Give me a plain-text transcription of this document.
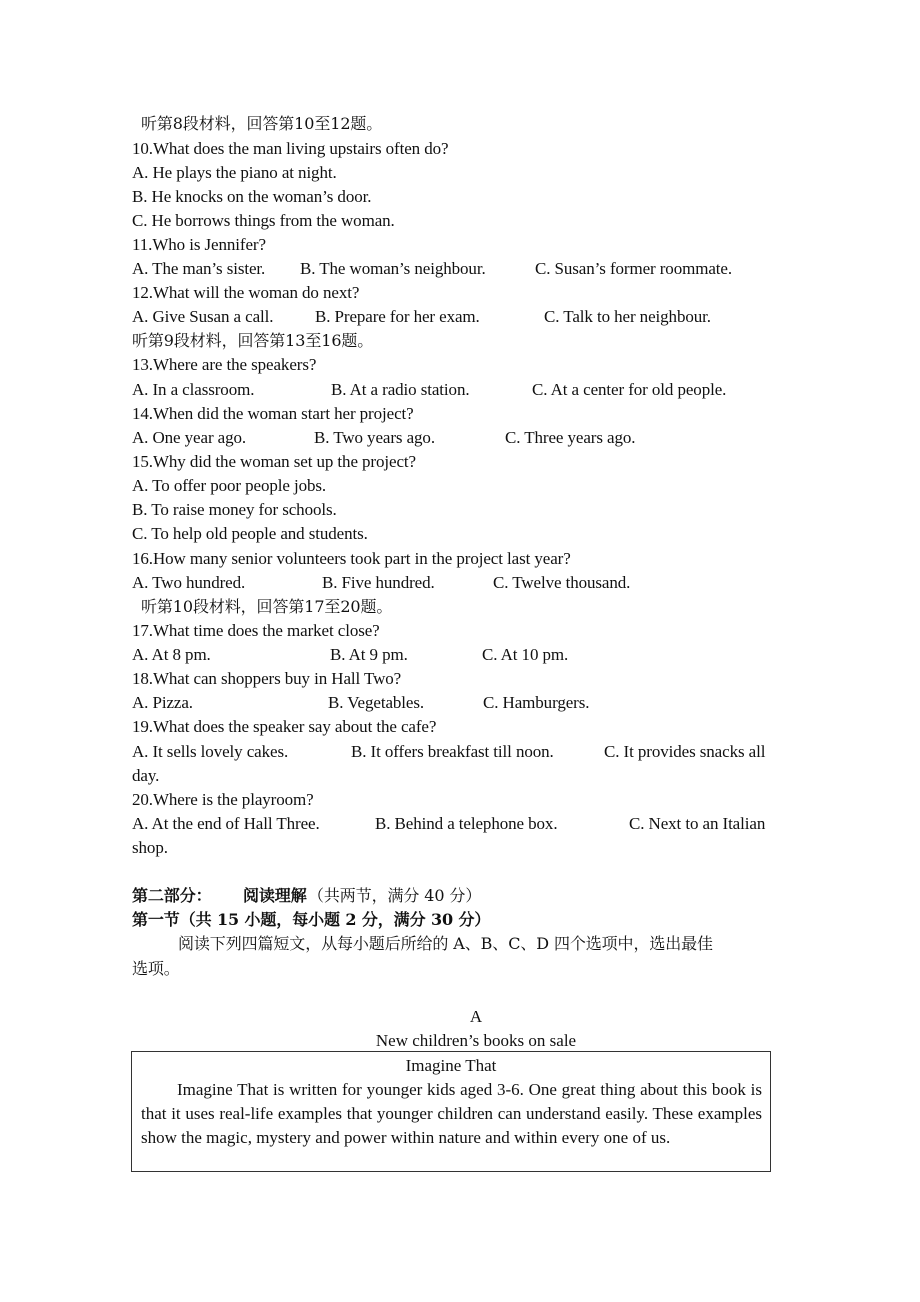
听第8段材料，回答第10至12题。
10.What does the man living upstairs often do?
A. He plays the piano at night.
B. He knocks on the woman’s door.
C. He borrows things from the woman.
11.Who is Jennifer?
A. The man’s sister. B. The woman’s neighbour.	C. Susan’s former roommate.
12.What will the woman do next?
A. Give Susan a call. B. Prepare for her exam.	C. Talk to her neighbour.
听第9段材料，回答第13至16题。
13.Where are the speakers?
A. In a classroom.	B. At a radio station.	C. At a center for old people.
14.When did the woman start her project?
A. One year ago.	B. Two years ago.	C. Three years ago.
15.Why did the woman set up the project?
A. To offer poor people jobs.
B. To raise money for schools.
C. To help old people and students.
16.How many senior volunteers took part in the project last year?
A. Two hundred.	B. Five hundred.	C. Twelve thousand.
听第10段材料，回答第17至20题。
17.What time does the market close?
A. At 8 pm.	B. At 9 pm.	C. At 10 pm.
18.What can shoppers buy in Hall Two?
A. Pizza.	B. Vegetables.	C. Hamburgers.
19.What does the speaker say about the cafe?
A. It sells lovely cakes.	B. It offers breakfast till noon.	C. It provides snacks all
day.
20.Where is the playroom?
A. At the end of Hall Three.	B. Behind a telephone box.	C. Next to an Italian
shop.
第二部分： 阅读理解 （共两节，满分 40 分）
第一节（共 15 小题，每小题 2 分，满分 30 分）
阅读下列四篇短文，从每小题后所给的 A、B、C、D 四个选项中，选出最佳
选项。
A
New children’s books on sale
Imagine That
Imagine That is written for younger kids aged 3-6. One great thing about this book is that it uses real-life examples that younger children can understand easily. These examples show the magic, mystery and power within nature and within every one of us.
